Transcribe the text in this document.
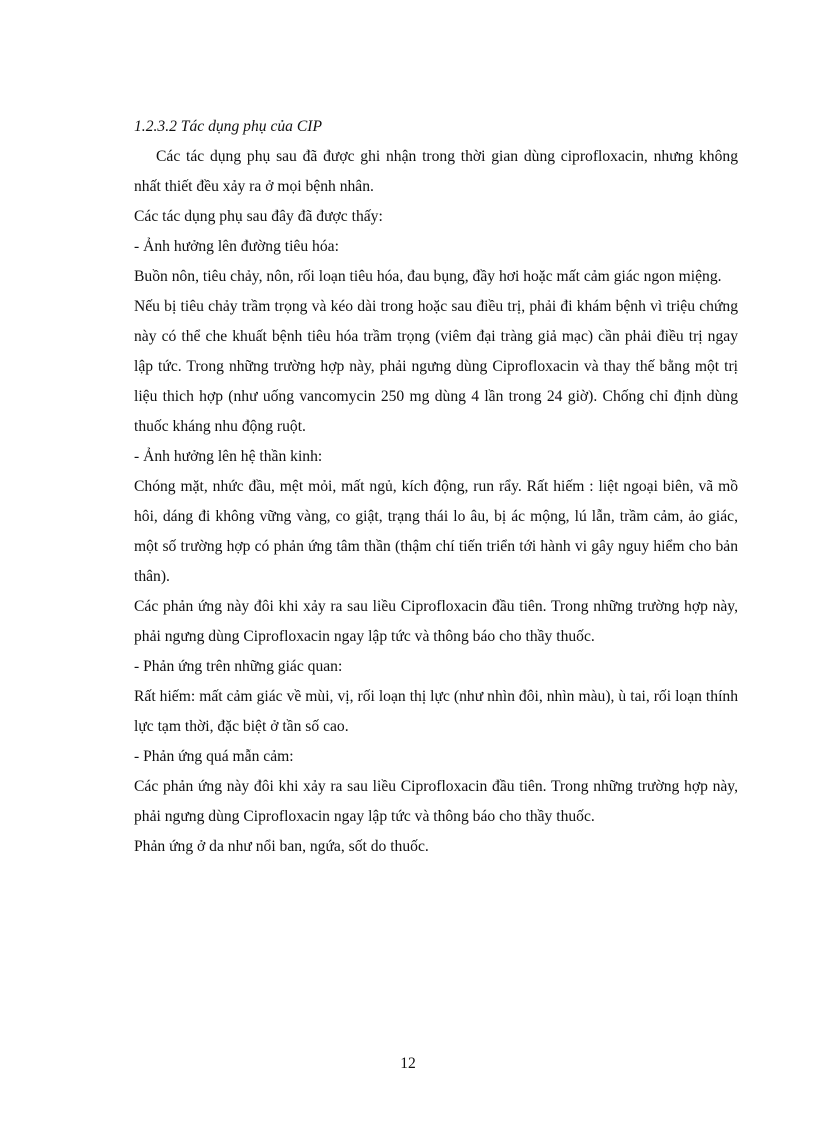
1.2.3.2 Tác dụng phụ của CIP

Các tác dụng phụ sau đã được ghi nhận trong thời gian dùng ciprofloxacin, nhưng không nhất thiết đều xảy ra ở mọi bệnh nhân.

Các tác dụng phụ sau đây đã được thấy:

- Ảnh hưởng lên đường tiêu hóa:

Buồn nôn, tiêu chảy, nôn, rối loạn tiêu hóa, đau bụng, đầy hơi hoặc mất cảm giác ngon miệng.

Nếu bị tiêu chảy trầm trọng và kéo dài trong hoặc sau điều trị, phải đi khám bệnh vì triệu chứng này có thể che khuất bệnh tiêu hóa trầm trọng (viêm đại tràng giả mạc) cần phải điều trị ngay lập tức. Trong những trường hợp này, phải ngưng dùng Ciprofloxacin và thay thế bằng một trị liệu thich hợp (như uống vancomycin 250 mg dùng 4 lần trong 24 giờ). Chống chỉ định dùng thuốc kháng nhu động ruột.

- Ảnh hưởng lên hệ thần kinh:

Chóng mặt, nhức đầu, mệt mỏi, mất ngủ, kích động, run rẩy. Rất hiếm : liệt ngoại biên, vã mồ hôi, dáng đi không vững vàng, co giật, trạng thái lo âu, bị ác mộng, lú lẫn, trầm cảm, ảo giác, một số trường hợp có phản ứng tâm thần (thậm chí tiến triển tới hành vi gây nguy hiểm cho bản thân).

Các phản ứng này đôi khi xảy ra sau liều Ciprofloxacin đầu tiên. Trong những trường hợp này, phải ngưng dùng Ciprofloxacin ngay lập tức và thông báo cho thầy thuốc.

- Phản ứng trên những giác quan:

Rất hiếm: mất cảm giác về mùi, vị, rối loạn thị lực (như nhìn đôi, nhìn màu), ù tai, rối loạn thính lực tạm thời, đặc biệt ở tần số cao.

- Phản ứng quá mẫn cảm:

Các phản ứng này đôi khi xảy ra sau liều Ciprofloxacin đầu tiên. Trong những trường hợp này, phải ngưng dùng Ciprofloxacin ngay lập tức và thông báo cho thầy thuốc.

Phản ứng ở da như nổi ban, ngứa, sốt do thuốc.

12
